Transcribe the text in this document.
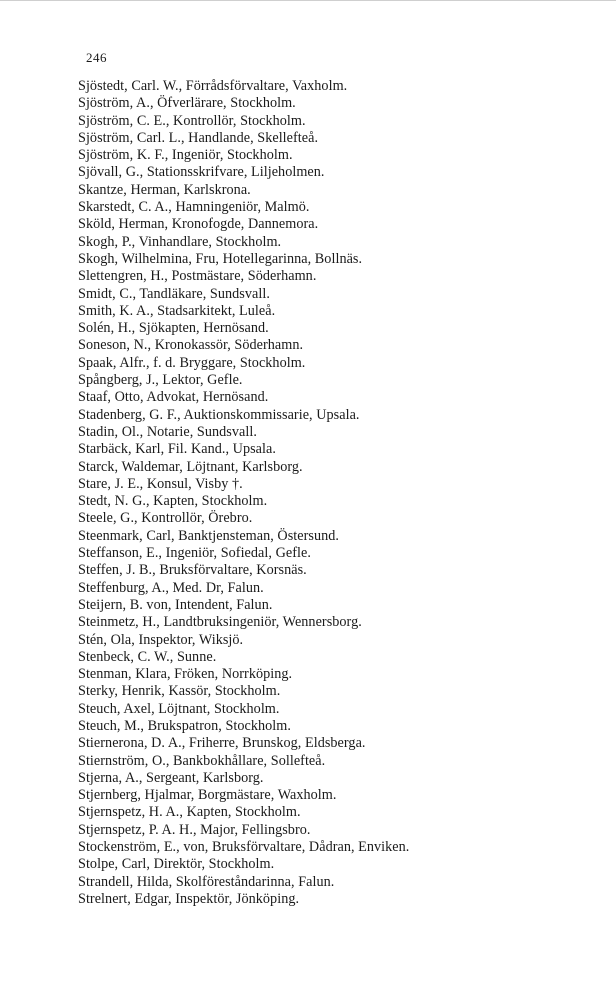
246
Sjöstedt, Carl. W., Förrådsförvaltare, Vaxholm.
Sjöström, A., Öfverlärare, Stockholm.
Sjöström, C. E., Kontrollör, Stockholm.
Sjöström, Carl. L., Handlande, Skellefteå.
Sjöström, K. F., Ingeniör, Stockholm.
Sjövall, G., Stationsskrifvare, Liljeholmen.
Skantze, Herman, Karlskrona.
Skarstedt, C. A., Hamningeniör, Malmö.
Sköld, Herman, Kronofogde, Dannemora.
Skogh, P., Vinhandlare, Stockholm.
Skogh, Wilhelmina, Fru, Hotellegarinna, Bollnäs.
Slettengren, H., Postmästare, Söderhamn.
Smidt, C., Tandläkare, Sundsvall.
Smith, K. A., Stadsarkitekt, Luleå.
Solén, H., Sjökapten, Hernösand.
Soneson, N., Kronokassör, Söderhamn.
Spaak, Alfr., f. d. Bryggare, Stockholm.
Spångberg, J., Lektor, Gefle.
Staaf, Otto, Advokat, Hernösand.
Stadenberg, G. F., Auktionskommissarie, Upsala.
Stadin, Ol., Notarie, Sundsvall.
Starbäck, Karl, Fil. Kand., Upsala.
Starck, Waldemar, Löjtnant, Karlsborg.
Stare, J. E., Konsul, Visby †.
Stedt, N. G., Kapten, Stockholm.
Steele, G., Kontrollör, Örebro.
Steenmark, Carl, Banktjensteman, Östersund.
Steffanson, E., Ingeniör, Sofiedal, Gefle.
Steffen, J. B., Bruksförvaltare, Korsnäs.
Steffenburg, A., Med. Dr, Falun.
Steijern, B. von, Intendent, Falun.
Steinmetz, H., Landtbruksingeniör, Wennersborg.
Stén, Ola, Inspektor, Wiksjö.
Stenbeck, C. W., Sunne.
Stenman, Klara, Fröken, Norrköping.
Sterky, Henrik, Kassör, Stockholm.
Steuch, Axel, Löjtnant, Stockholm.
Steuch, M., Brukspatron, Stockholm.
Stiernerona, D. A., Friherre, Brunskog, Eldsberga.
Stiernström, O., Bankbokhållare, Sollefteå.
Stjerna, A., Sergeant, Karlsborg.
Stjernberg, Hjalmar, Borgmästare, Waxholm.
Stjernspetz, H. A., Kapten, Stockholm.
Stjernspetz, P. A. H., Major, Fellingsbro.
Stockenström, E., von, Bruksförvaltare, Dådran, Enviken.
Stolpe, Carl, Direktör, Stockholm.
Strandell, Hilda, Skolföreståndarinna, Falun.
Strelnert, Edgar, Inspektör, Jönköping.
